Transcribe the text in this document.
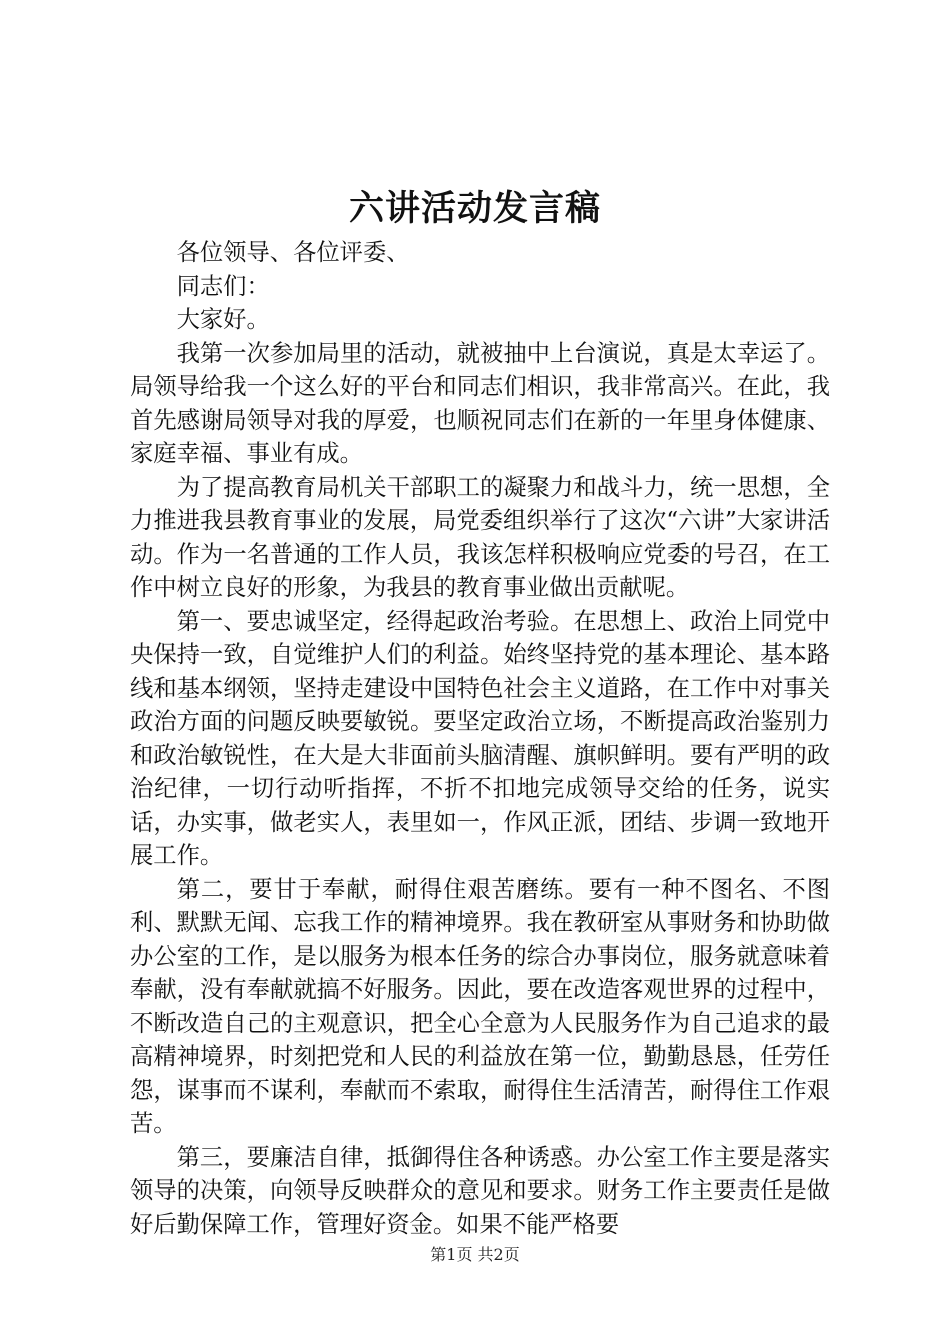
六讲活动发言稿

各位领导、各位评委、

同志们：

大家好。

我第一次参加局里的活动，就被抽中上台演说，真是太幸运了。局领导给我一个这么好的平台和同志们相识，我非常高兴。在此，我首先感谢局领导对我的厚爱，也顺祝同志们在新的一年里身体健康、家庭幸福、事业有成。

为了提高教育局机关干部职工的凝聚力和战斗力，统一思想，全力推进我县教育事业的发展，局党委组织举行了这次“六讲”大家讲活动。作为一名普通的工作人员，我该怎样积极响应党委的号召，在工作中树立良好的形象，为我县的教育事业做出贡献呢。

第一、要忠诚坚定，经得起政治考验。在思想上、政治上同党中央保持一致，自觉维护人们的利益。始终坚持党的基本理论、基本路线和基本纲领，坚持走建设中国特色社会主义道路，在工作中对事关政治方面的问题反映要敏锐。要坚定政治立场，不断提高政治鉴别力和政治敏锐性，在大是大非面前头脑清醒、旗帜鲜明。要有严明的政治纪律，一切行动听指挥，不折不扣地完成领导交给的任务，说实话，办实事，做老实人，表里如一，作风正派，团结、步调一致地开展工作。

第二，要甘于奉献，耐得住艰苦磨练。要有一种不图名、不图利、默默无闻、忘我工作的精神境界。我在教研室从事财务和协助做办公室的工作，是以服务为根本任务的综合办事岗位，服务就意味着奉献，没有奉献就搞不好服务。因此，要在改造客观世界的过程中，不断改造自己的主观意识，把全心全意为人民服务作为自己追求的最高精神境界，时刻把党和人民的利益放在第一位，勤勤恳恳，任劳任怨，谋事而不谋利，奉献而不索取，耐得住生活清苦，耐得住工作艰苦。

第三，要廉洁自律，抵御得住各种诱惑。办公室工作主要是落实领导的决策，向领导反映群众的意见和要求。财务工作主要责任是做好后勤保障工作，管理好资金。如果不能严格要

第1页 共2页
